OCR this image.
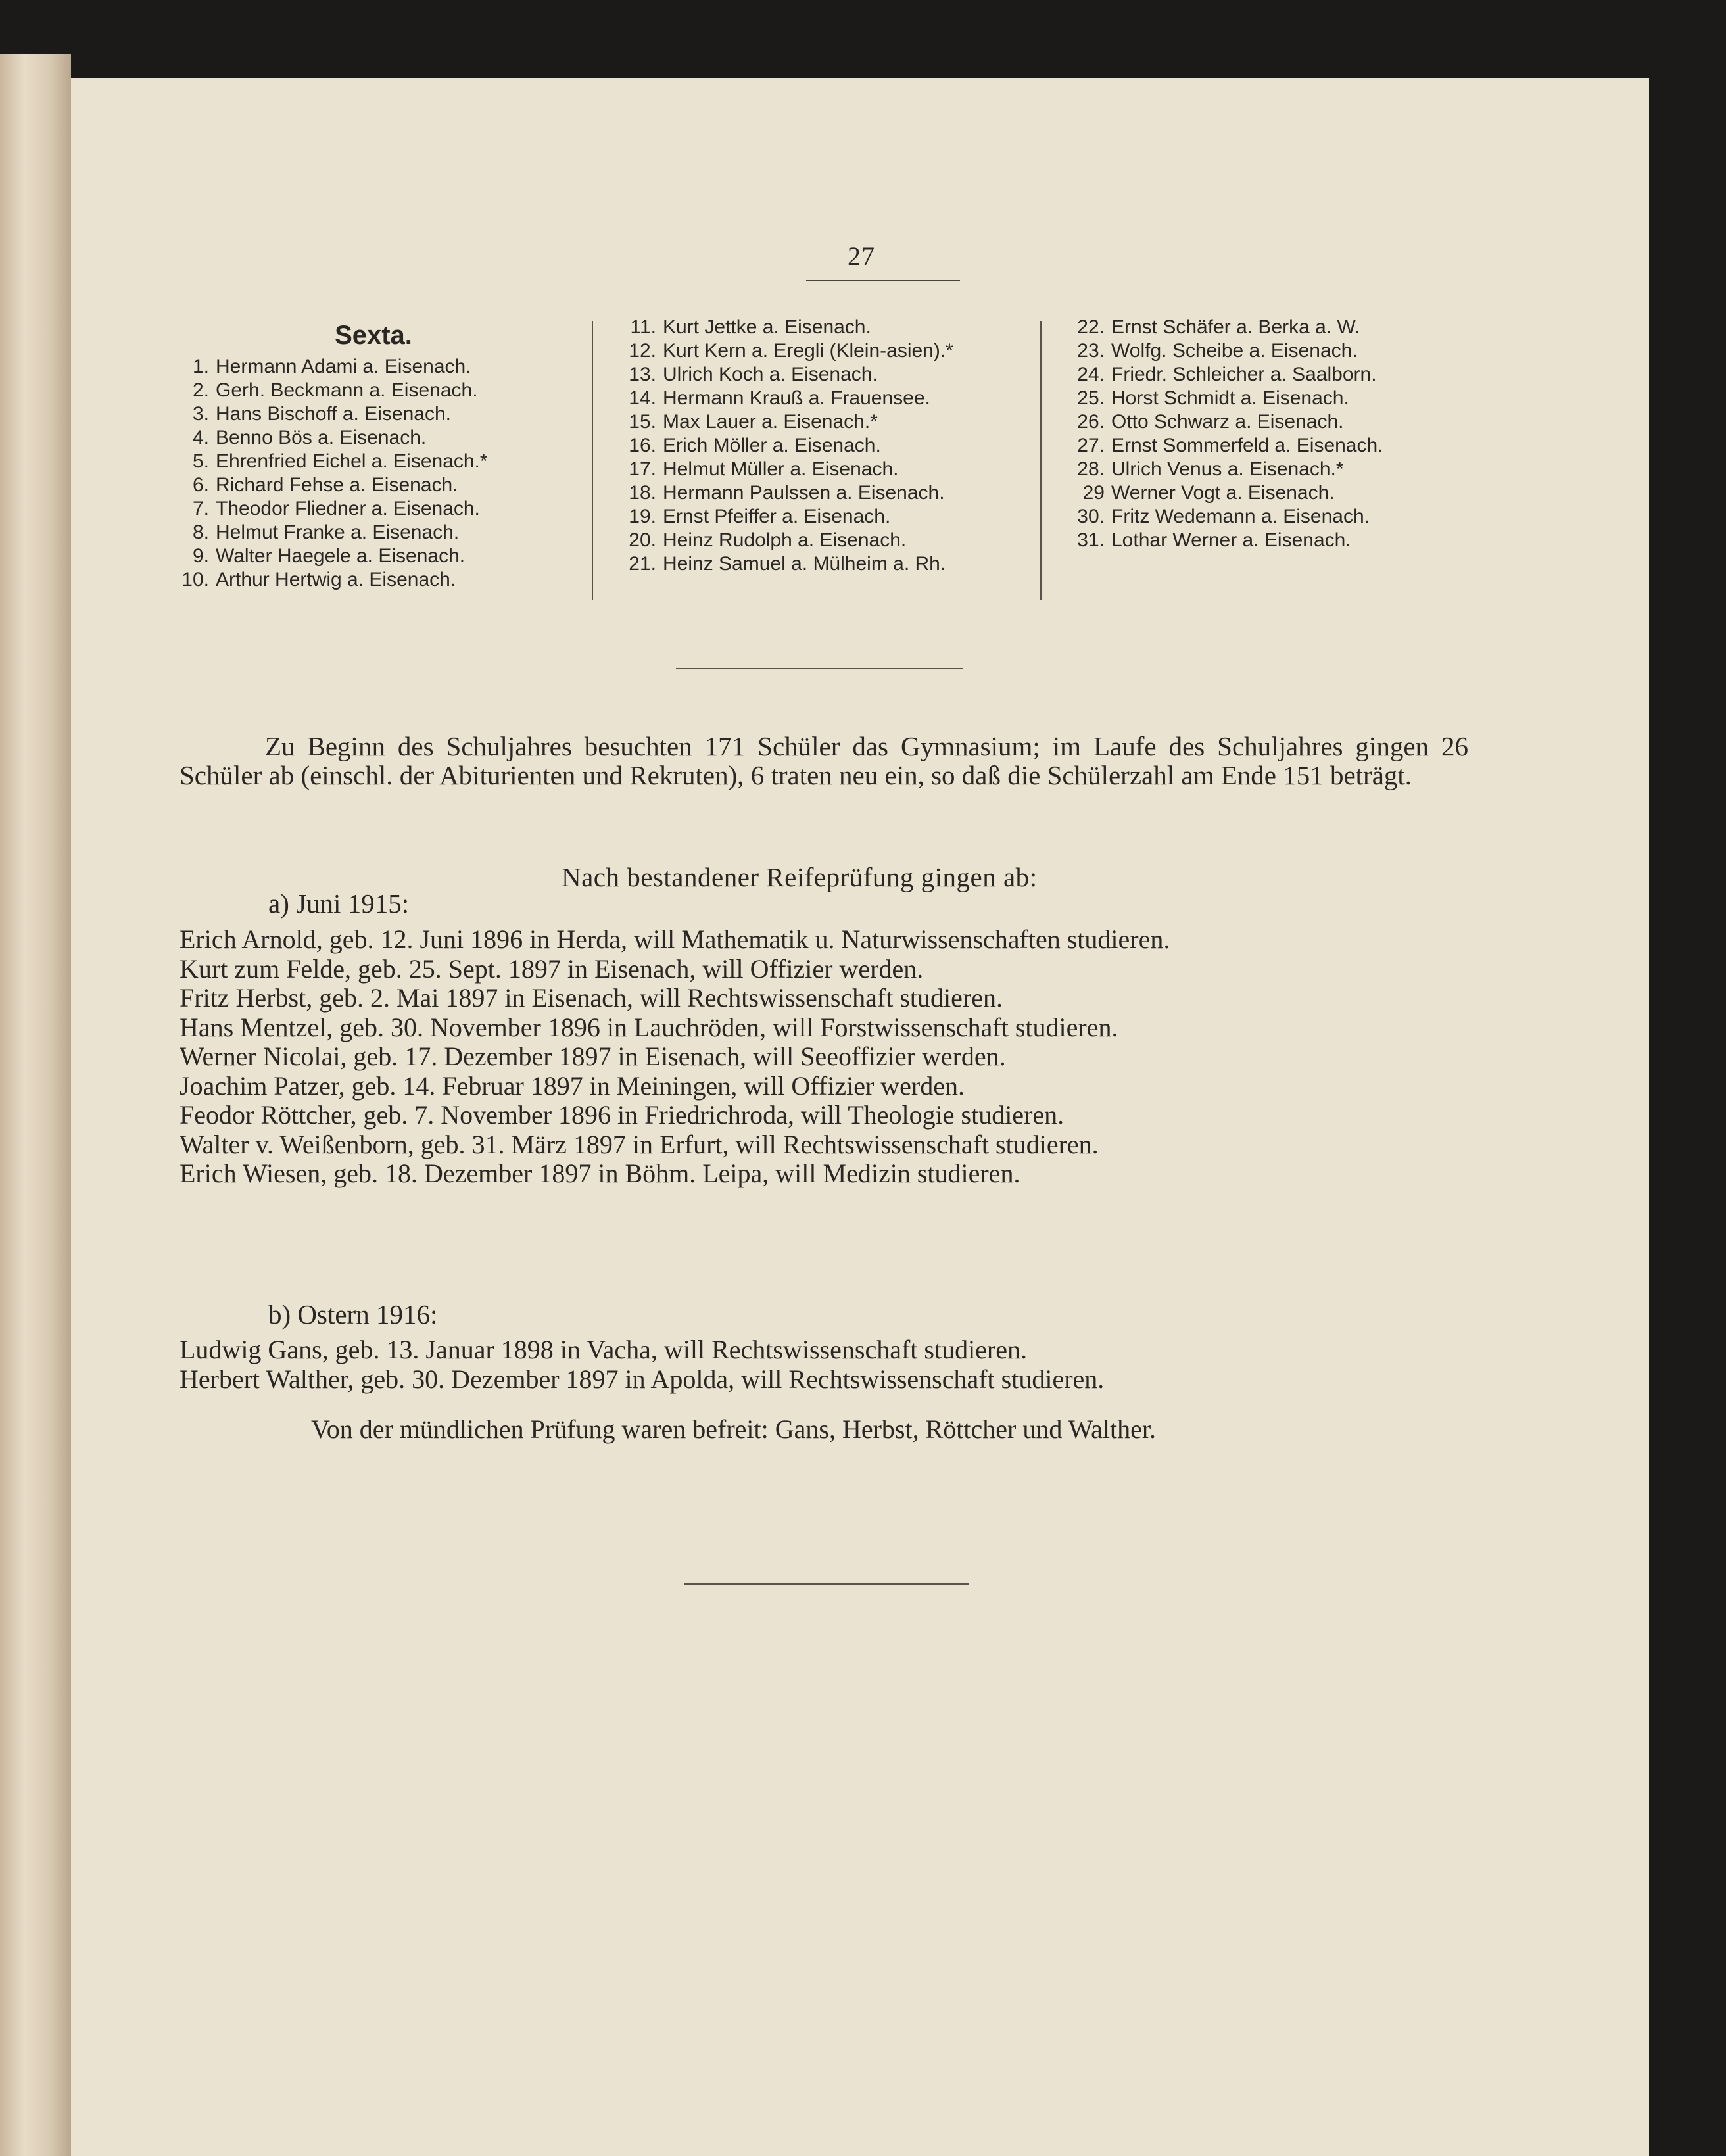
27
Sexta.
1. Hermann Adami a. Eisenach.
2. Gerh. Beckmann a. Eisenach.
3. Hans Bischoff a. Eisenach.
4. Benno Bös a. Eisenach.
5. Ehrenfried Eichel a. Eisenach.*
6. Richard Fehse a. Eisenach.
7. Theodor Fliedner a. Eisenach.
8. Helmut Franke a. Eisenach.
9. Walter Haegele a. Eisenach.
10. Arthur Hertwig a. Eisenach.
11. Kurt Jettke a. Eisenach.
12. Kurt Kern a. Eregli (Klein-asien).*
13. Ulrich Koch a. Eisenach.
14. Hermann Krauß a. Frauensee.
15. Max Lauer a. Eisenach.*
16. Erich Möller a. Eisenach.
17. Helmut Müller a. Eisenach.
18. Hermann Paulssen a. Eisenach.
19. Ernst Pfeiffer a. Eisenach.
20. Heinz Rudolph a. Eisenach.
21. Heinz Samuel a. Mülheim a. Rh.
22. Ernst Schäfer a. Berka a. W.
23. Wolfg. Scheibe a. Eisenach.
24. Friedr. Schleicher a. Saalborn.
25. Horst Schmidt a. Eisenach.
26. Otto Schwarz a. Eisenach.
27. Ernst Sommerfeld a. Eisenach.
28. Ulrich Venus a. Eisenach.*
29 Werner Vogt a. Eisenach.
30. Fritz Wedemann a. Eisenach.
31. Lothar Werner a. Eisenach.
Zu Beginn des Schuljahres besuchten 171 Schüler das Gymnasium; im Laufe des Schuljahres gingen 26 Schüler ab (einschl. der Abiturienten und Rekruten), 6 traten neu ein, so daß die Schülerzahl am Ende 151 beträgt.
Nach bestandener Reifeprüfung gingen ab:
a) Juni 1915:
Erich Arnold, geb. 12. Juni 1896 in Herda, will Mathematik u. Naturwissenschaften studieren.
Kurt zum Felde, geb. 25. Sept. 1897 in Eisenach, will Offizier werden.
Fritz Herbst, geb. 2. Mai 1897 in Eisenach, will Rechtswissenschaft studieren.
Hans Mentzel, geb. 30. November 1896 in Lauchröden, will Forstwissenschaft studieren.
Werner Nicolai, geb. 17. Dezember 1897 in Eisenach, will Seeoffizier werden.
Joachim Patzer, geb. 14. Februar 1897 in Meiningen, will Offizier werden.
Feodor Röttcher, geb. 7. November 1896 in Friedrichroda, will Theologie studieren.
Walter v. Weißenborn, geb. 31. März 1897 in Erfurt, will Rechtswissenschaft studieren.
Erich Wiesen, geb. 18. Dezember 1897 in Böhm. Leipa, will Medizin studieren.
b) Ostern 1916:
Ludwig Gans, geb. 13. Januar 1898 in Vacha, will Rechtswissenschaft studieren.
Herbert Walther, geb. 30. Dezember 1897 in Apolda, will Rechtswissenschaft studieren.
Von der mündlichen Prüfung waren befreit: Gans, Herbst, Röttcher und Walther.
